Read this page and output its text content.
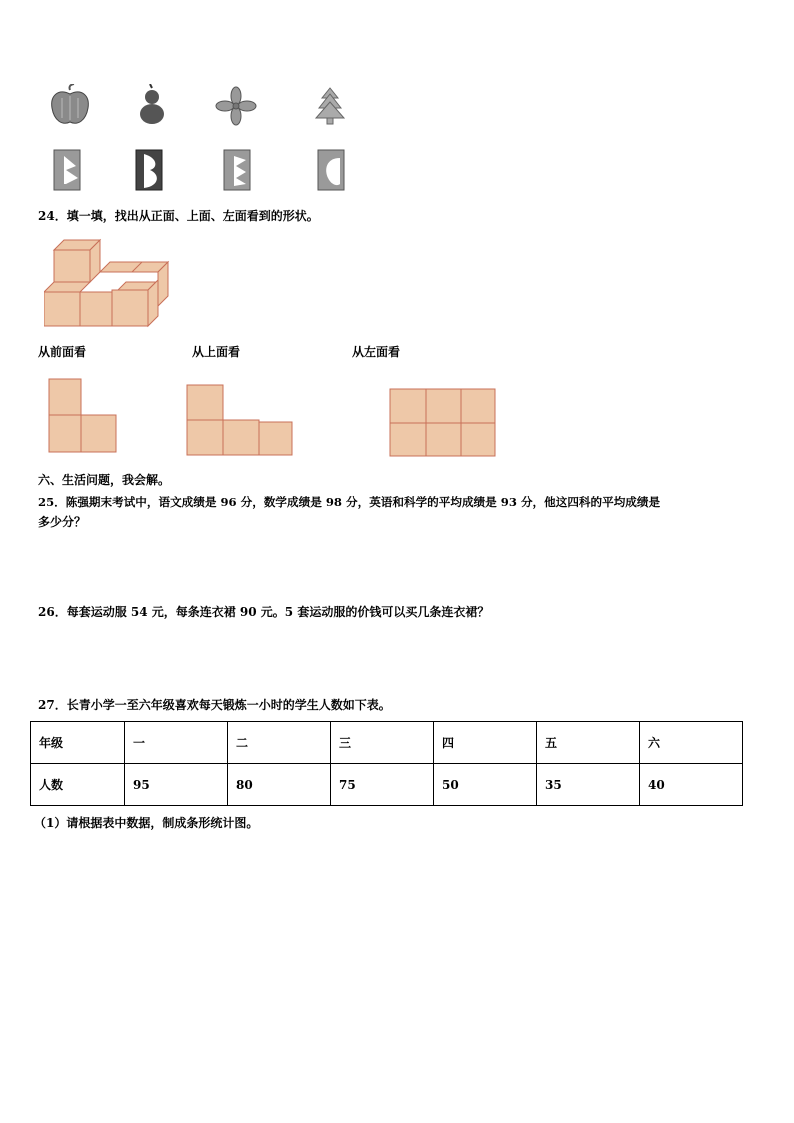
24．填一填，找出从正面、上面、左面看到的形状。
从前面看	从上面看	从左面看
六、生活问题，我会解。
25．陈强期末考试中，语文成绩是 96 分，数学成绩是 98 分，英语和科学的平均成绩是 93 分，他这四科的平均成绩是
多少分？
26．每套运动服 54 元，每条连衣裙 90 元。5 套运动服的价钱可以买几条连衣裙？
27．长青小学一至六年级喜欢每天锻炼一小时的学生人数如下表。
年级	一	二	三	四	五	六
人数	95	80	75	50	35	40
（1）请根据表中数据，制成条形统计图。
